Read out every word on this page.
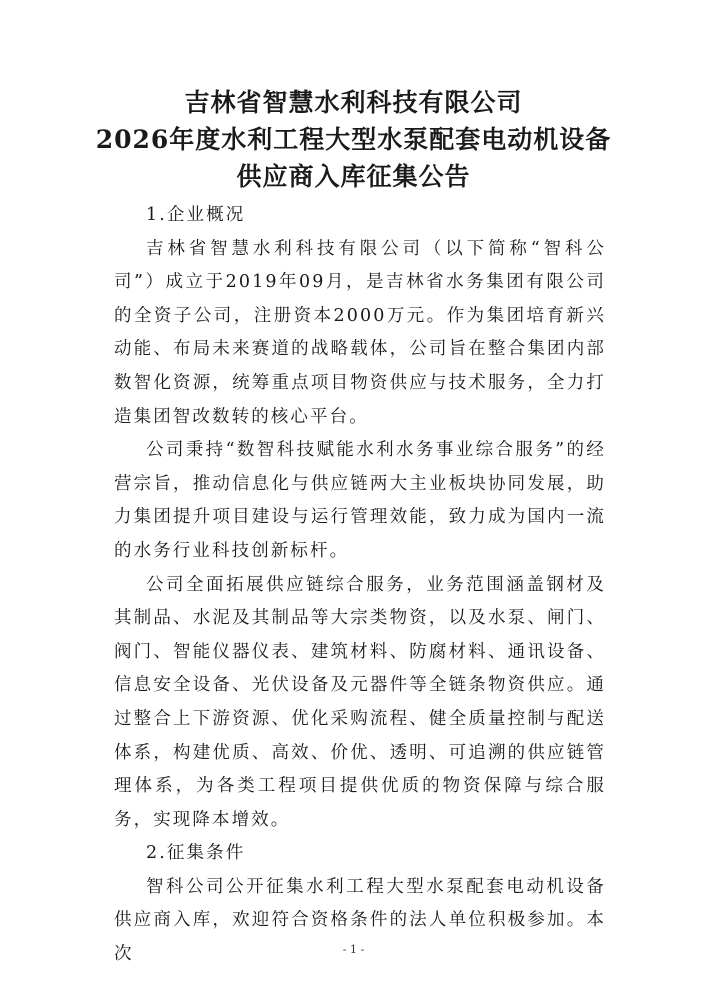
吉林省智慧水利科技有限公司
2026年度水利工程大型水泵配套电动机设备
供应商入库征集公告

1.企业概况

吉林省智慧水利科技有限公司（以下简称“智科公司”）成立于2019年09月，是吉林省水务集团有限公司的全资子公司，注册资本2000万元。作为集团培育新兴动能、布局未来赛道的战略载体，公司旨在整合集团内部数智化资源，统筹重点项目物资供应与技术服务，全力打造集团智改数转的核心平台。

公司秉持“数智科技赋能水利水务事业综合服务”的经营宗旨，推动信息化与供应链两大主业板块协同发展，助力集团提升项目建设与运行管理效能，致力成为国内一流的水务行业科技创新标杆。

公司全面拓展供应链综合服务，业务范围涵盖钢材及其制品、水泥及其制品等大宗类物资，以及水泵、闸门、阀门、智能仪器仪表、建筑材料、防腐材料、通讯设备、信息安全设备、光伏设备及元器件等全链条物资供应。通过整合上下游资源、优化采购流程、健全质量控制与配送体系，构建优质、高效、价优、透明、可追溯的供应链管理体系，为各类工程项目提供优质的物资保障与综合服务，实现降本增效。

2.征集条件

智科公司公开征集水利工程大型水泵配套电动机设备供应商入库，欢迎符合资格条件的法人单位积极参加。本次	- 1 -
